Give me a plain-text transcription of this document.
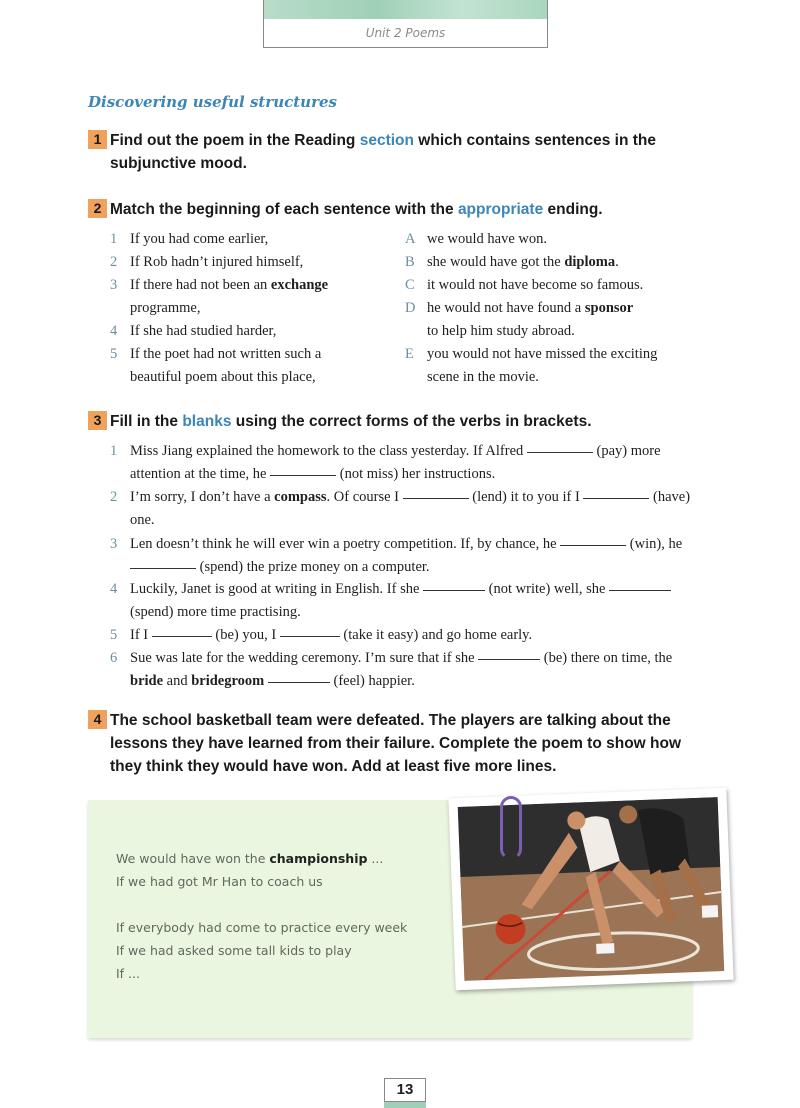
Unit 2 Poems
Discovering useful structures
1 Find out the poem in the Reading section which contains sentences in the
subjunctive mood.
2 Match the beginning of each sentence with the appropriate ending.
1 If you had come earlier,
2 If Rob hadn’t injured himself,
3 If there had not been an exchange
programme,
4 If she had studied harder,
5 If the poet had not written such a
beautiful poem about this place,
A we would have won.
B she would have got the diploma.
C it would not have become so famous.
D he would not have found a sponsor
to help him study abroad.
E you would not have missed the exciting
scene in the movie.
3 Fill in the blanks using the correct forms of the verbs in brackets.
1 Miss Jiang explained the homework to the class yesterday. If Alfred	(pay) more
attention at the time, he	(not miss) her instructions.
2 I’m sorry, I don’t have a compass. Of course I	(lend) it to you if I	(have)
one.
3 Len doesn’t think he will ever win a poetry competition. If, by chance, he	(win), he
(spend) the prize money on a computer.
4 Luckily, Janet is good at writing in English. If she	(not write) well, she
(spend) more time practising.
5 If I	(be) you, I	(take it easy) and go home early.
6 Sue was late for the wedding ceremony. I’m sure that if she	(be) there on time, the
bride and bridegroom	(feel) happier.
4 The school basketball team were defeated. The players are talking about the
lessons they have learned from their failure. Complete the poem to show how
they think they would have won. Add at least five more lines.
We would have won the championship ...
If we had got Mr Han to coach us
If everybody had come to practice every week
If we had asked some tall kids to play
If ...
13
